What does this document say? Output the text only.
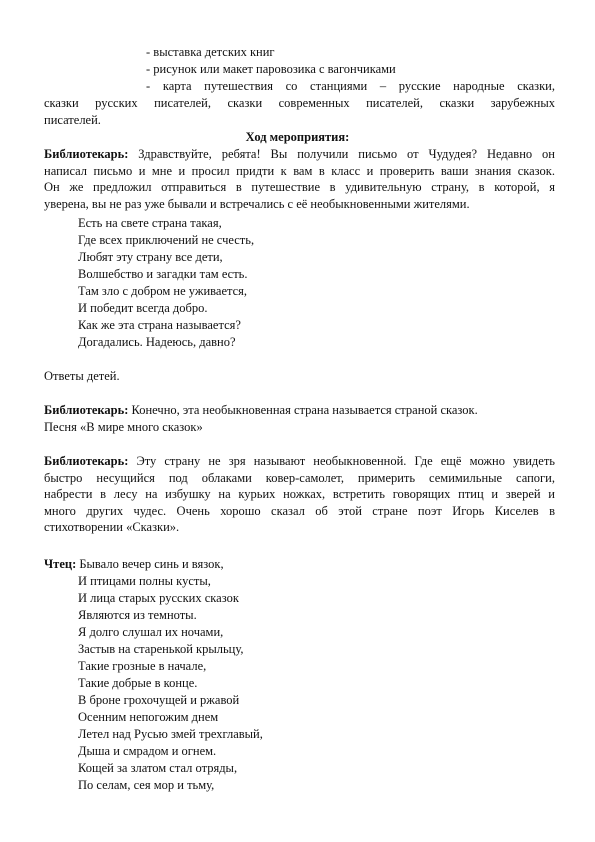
- выставка детских книг
- рисунок или макет паровозика с вагончиками
- карта путешествия со станциями – русские народные сказки,
сказки русских писателей, сказки современных писателей, сказки зарубежных
писателей.
Ход мероприятия:
Библиотекарь: Здравствуйте, ребята! Вы получили письмо от Чудудея? Недавно он
написал письмо и мне и просил придти к вам в класс и проверить ваши знания сказок.
Он же предложил отправиться в путешествие в удивительную страну, в которой, я
уверена, вы не раз уже бывали и встречались с её необыкновенными жителями.
Есть на свете страна такая,
Где всех приключений не счесть,
Любят эту страну все дети,
Волшебство и загадки там есть.
Там зло с добром не уживается,
И победит всегда добро.
Как же эта страна называется?
Догадались. Надеюсь, давно?
Ответы детей.
Библиотекарь: Конечно, эта необыкновенная страна называется страной сказок.
Песня «В мире много сказок»
Библиотекарь: Эту страну не зря называют необыкновенной. Где ещё можно увидеть
быстро несущийся под облаками ковер-самолет, примерить семимильные сапоги,
набрести в лесу на избушку на курьих ножках, встретить говорящих птиц и зверей и
много других чудес. Очень хорошо сказал об этой стране поэт Игорь Киселев в
стихотворении «Сказки».
Чтец: Бывало вечер синь и вязок,
И птицами полны кусты,
И лица старых русских сказок
Являются из темноты.
Я долго слушал их ночами,
Застыв на старенькой крыльцу,
Такие грозные в начале,
Такие добрые в конце.
В броне грохочущей и ржавой
Осенним непогожим днем
Летел над Русью змей трехглавый,
Дыша и смрадом и огнем.
Кощей за златом стал отряды,
По селам, сея мор и тьму,
